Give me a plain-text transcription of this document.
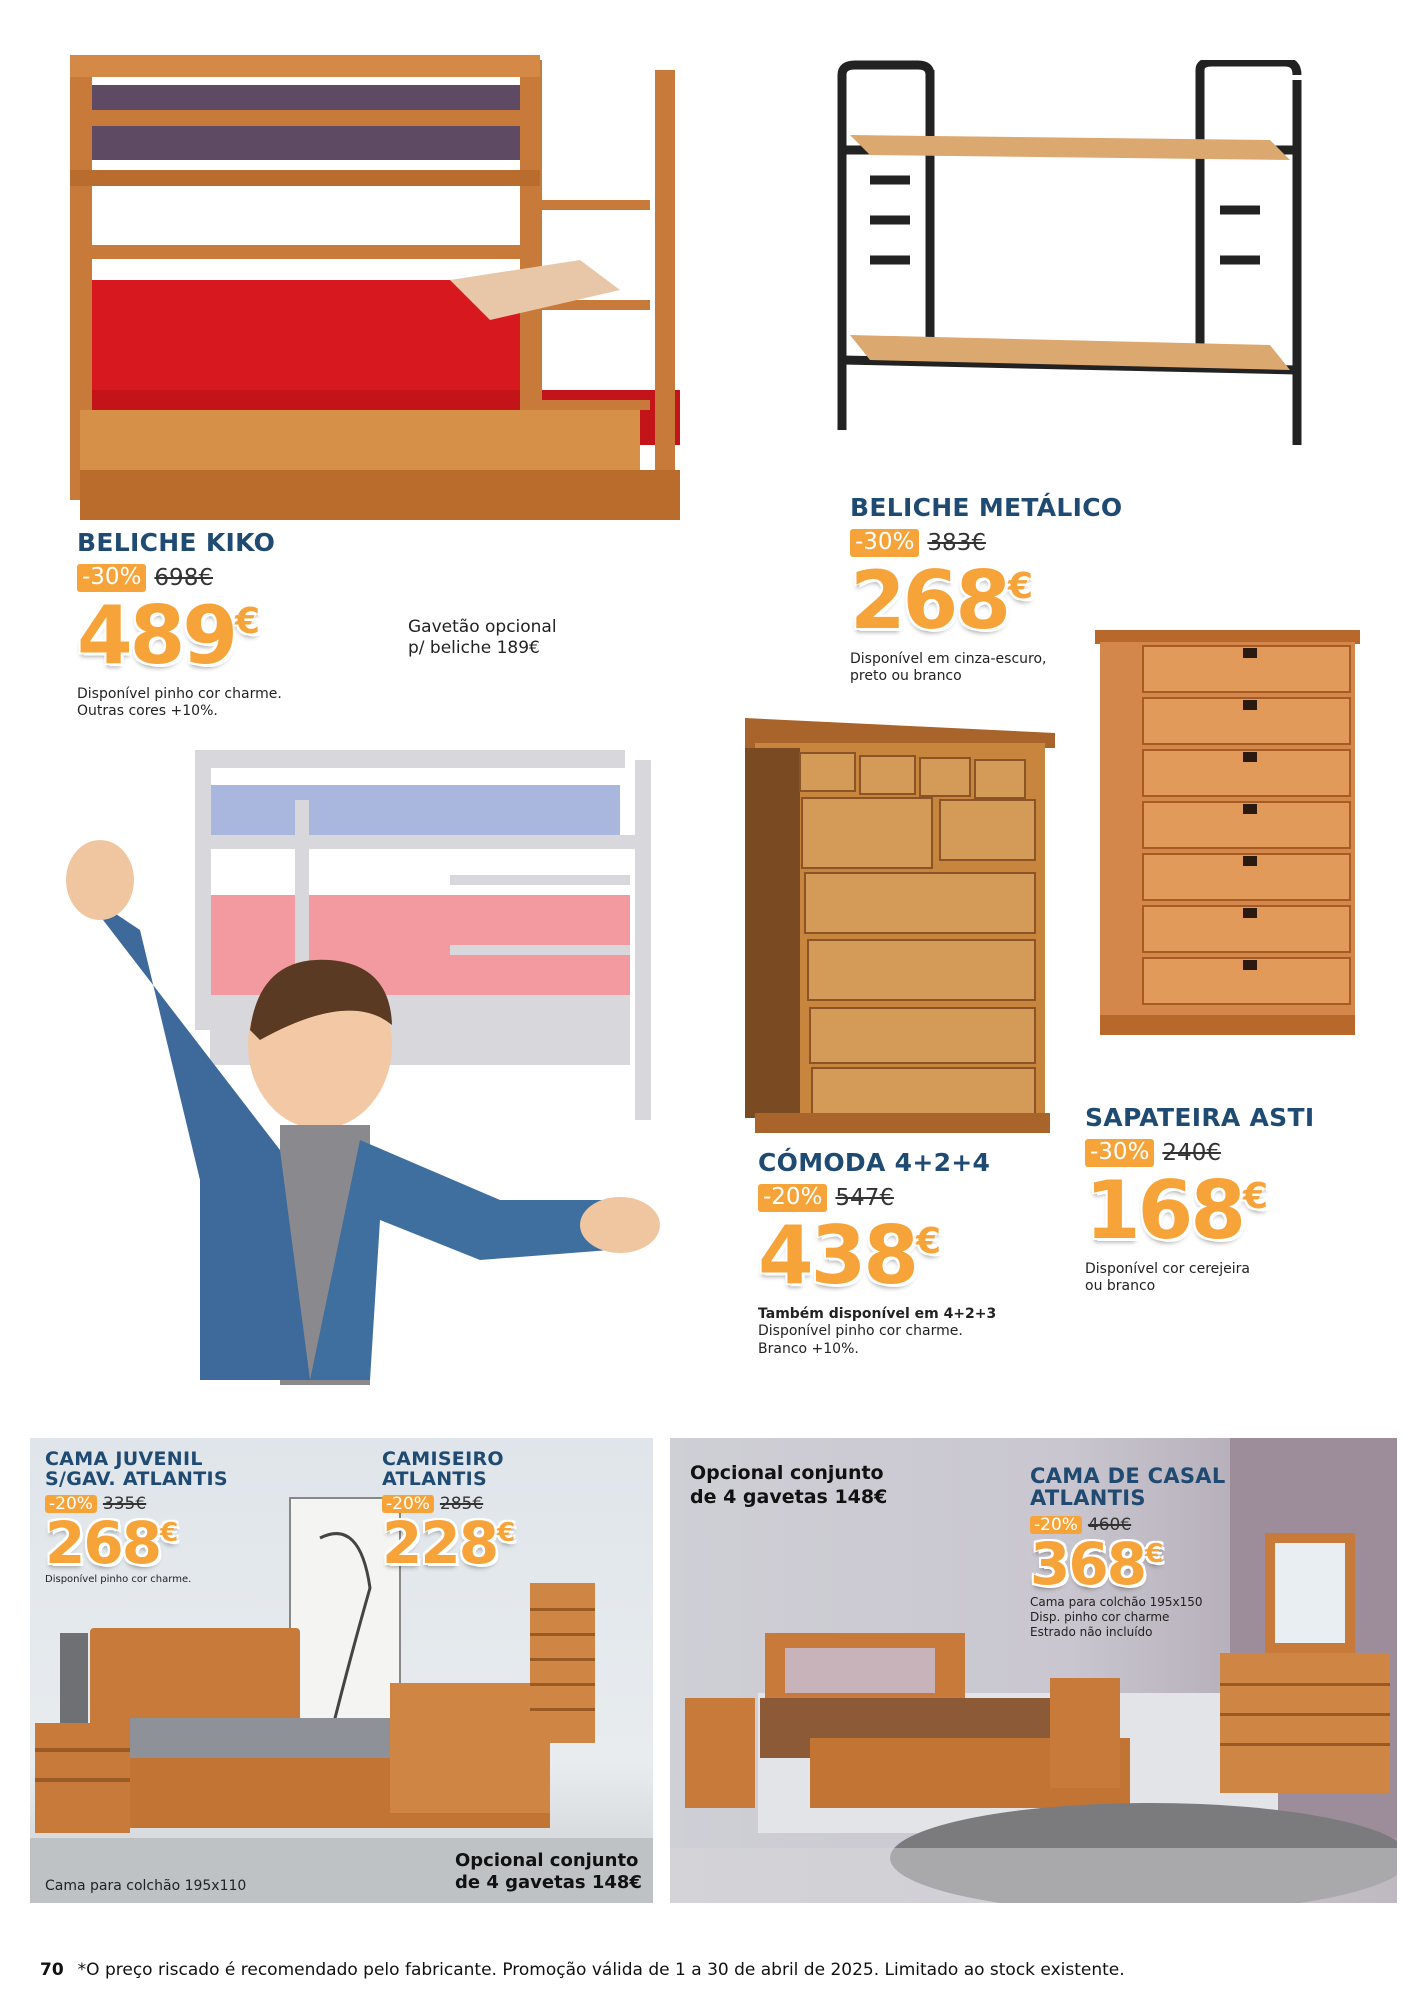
BELICHE KIKO
-30% 698€
489€
Disponível pinho cor charme.
Outras cores +10%.
Gavetão opcional
p/ beliche 189€
BELICHE METÁLICO
-30% 383€
268€
Disponível em cinza-escuro,
preto ou branco
CÓMODA 4+2+4
-20% 547€
438€
Também disponível em 4+2+3
Disponível pinho cor charme.
Branco +10%.
SAPATEIRA ASTI
-30% 240€
168€
Disponível cor cerejeira
ou branco
CAMA JUVENIL
S/GAV. ATLANTIS
-20% 335€
268€
Disponível pinho cor charme.
Cama para colchão 195x110
CAMISEIRO
ATLANTIS
-20% 285€
228€
Opcional conjunto
de 4 gavetas 148€
Opcional conjunto
de 4 gavetas 148€
CAMA DE CASAL
ATLANTIS
-20% 460€
368€
Cama para colchão 195x150
Disp. pinho cor charme
Estrado não incluído
70 *O preço riscado é recomendado pelo fabricante. Promoção válida de 1 a 30 de abril de 2025. Limitado ao stock existente.
